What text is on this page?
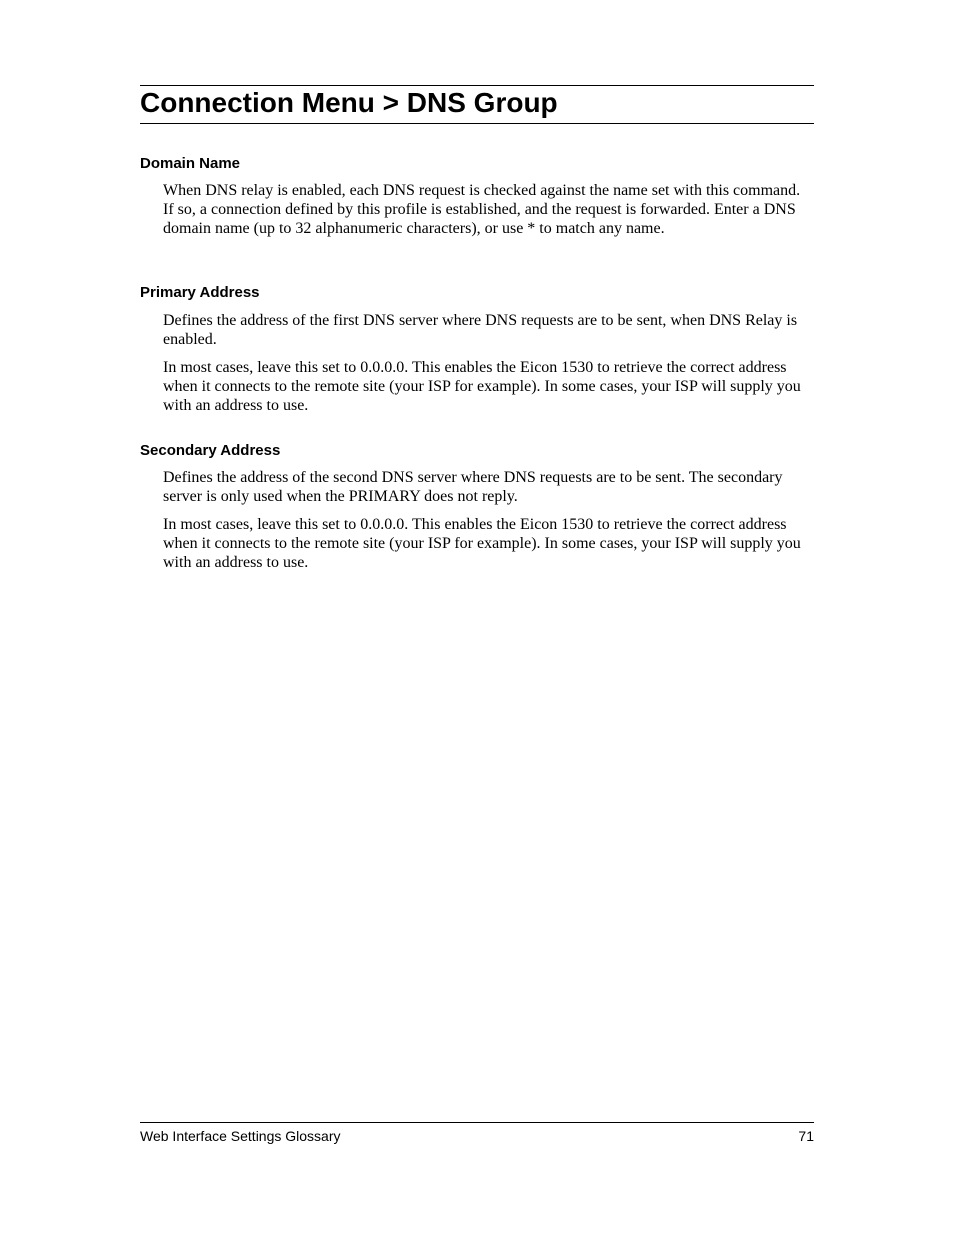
Connection Menu > DNS Group
Domain Name

When DNS relay is enabled, each DNS request is checked against the name set with this command. If so, a connection defined by this profile is established, and the request is forwarded. Enter a DNS domain name (up to 32 alphanumeric characters), or use * to match any name.

Primary Address

Defines the address of the first DNS server where DNS requests are to be sent, when DNS Relay is enabled.

In most cases, leave this set to 0.0.0.0. This enables the Eicon 1530 to retrieve the correct address when it connects to the remote site (your ISP for example). In some cases, your ISP will supply you with an address to use.

Secondary Address

Defines the address of the second DNS server where DNS requests are to be sent. The secondary server is only used when the PRIMARY does not reply.

In most cases, leave this set to 0.0.0.0. This enables the Eicon 1530 to retrieve the correct address when it connects to the remote site (your ISP for example). In some cases, your ISP will supply you with an address to use.

Web Interface Settings Glossary	71
